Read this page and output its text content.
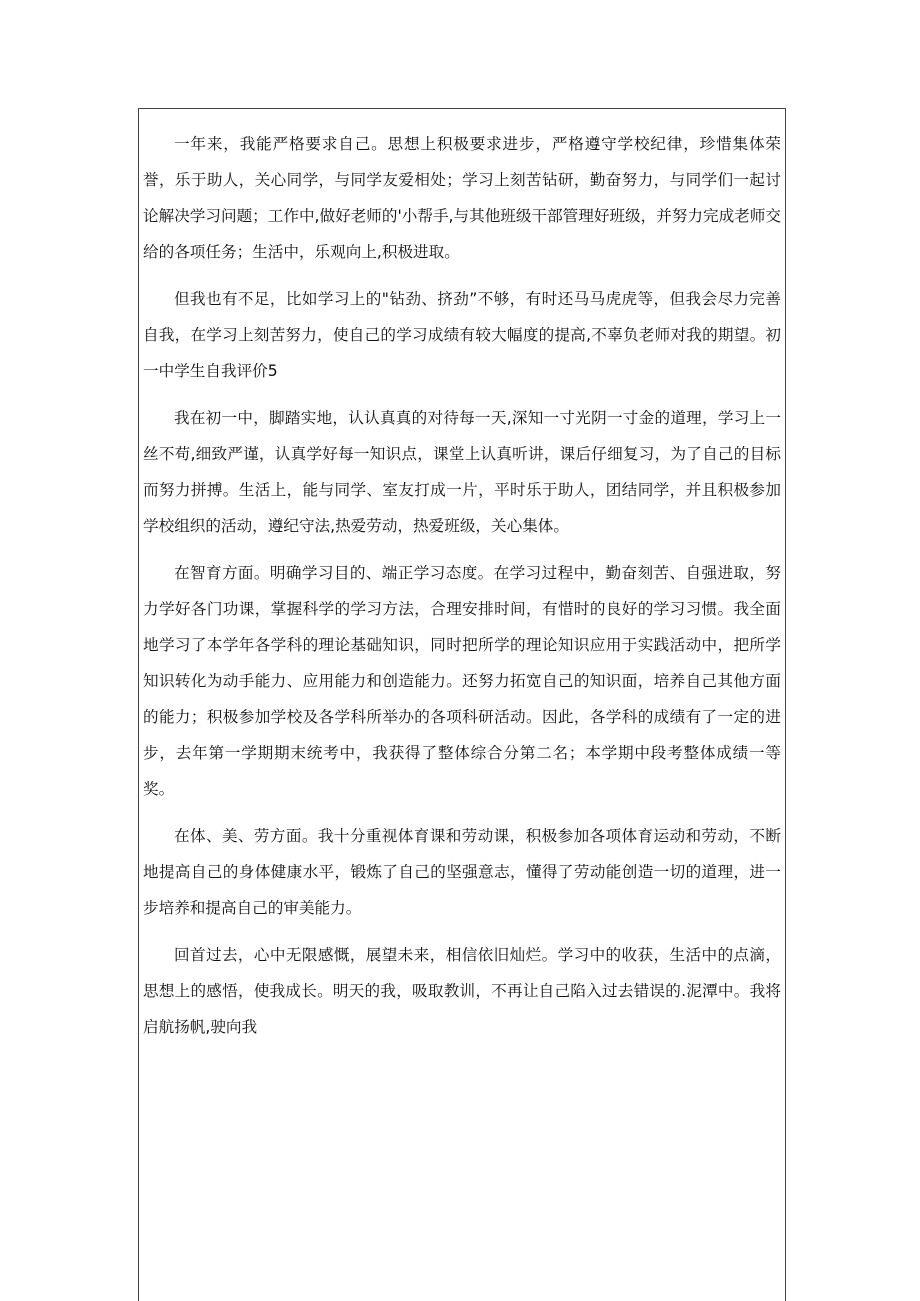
一年来，我能严格要求自己。思想上积极要求进步，严格遵守学校纪律，珍惜集体荣誉，乐于助人，关心同学，与同学友爱相处；学习上刻苦钻研，勤奋努力，与同学们一起讨论解决学习问题；工作中,做好老师的'小帮手,与其他班级干部管理好班级，并努力完成老师交给的各项任务；生活中，乐观向上,积极进取。

但我也有不足，比如学习上的"钻劲、挤劲”不够，有时还马马虎虎等，但我会尽力完善自我，在学习上刻苦努力，使自己的学习成绩有较大幅度的提高,不辜负老师对我的期望。初一中学生自我评价5

我在初一中，脚踏实地，认认真真的对待每一天,深知一寸光阴一寸金的道理，学习上一丝不苟,细致严谨，认真学好每一知识点，课堂上认真听讲，课后仔细复习，为了自己的目标而努力拼搏。生活上，能与同学、室友打成一片，平时乐于助人，团结同学，并且积极参加学校组织的活动，遵纪守法,热爱劳动，热爱班级，关心集体。

在智育方面。明确学习目的、端正学习态度。在学习过程中，勤奋刻苦、自强进取，努力学好各门功课，掌握科学的学习方法，合理安排时间，有惜时的良好的学习习惯。我全面地学习了本学年各学科的理论基础知识，同时把所学的理论知识应用于实践活动中，把所学知识转化为动手能力、应用能力和创造能力。还努力拓宽自己的知识面，培养自己其他方面的能力；积极参加学校及各学科所举办的各项科研活动。因此，各学科的成绩有了一定的进步，去年第一学期期末统考中，我获得了整体综合分第二名；本学期中段考整体成绩一等奖。

在体、美、劳方面。我十分重视体育课和劳动课，积极参加各项体育运动和劳动，不断地提高自己的身体健康水平，锻炼了自己的坚强意志，懂得了劳动能创造一切的道理，进一步培养和提高自己的审美能力。

回首过去，心中无限感慨，展望未来，相信依旧灿烂。学习中的收获，生活中的点滴，思想上的感悟，使我成长。明天的我，吸取教训，不再让自己陷入过去错误的.泥潭中。我将启航扬帆,驶向我
